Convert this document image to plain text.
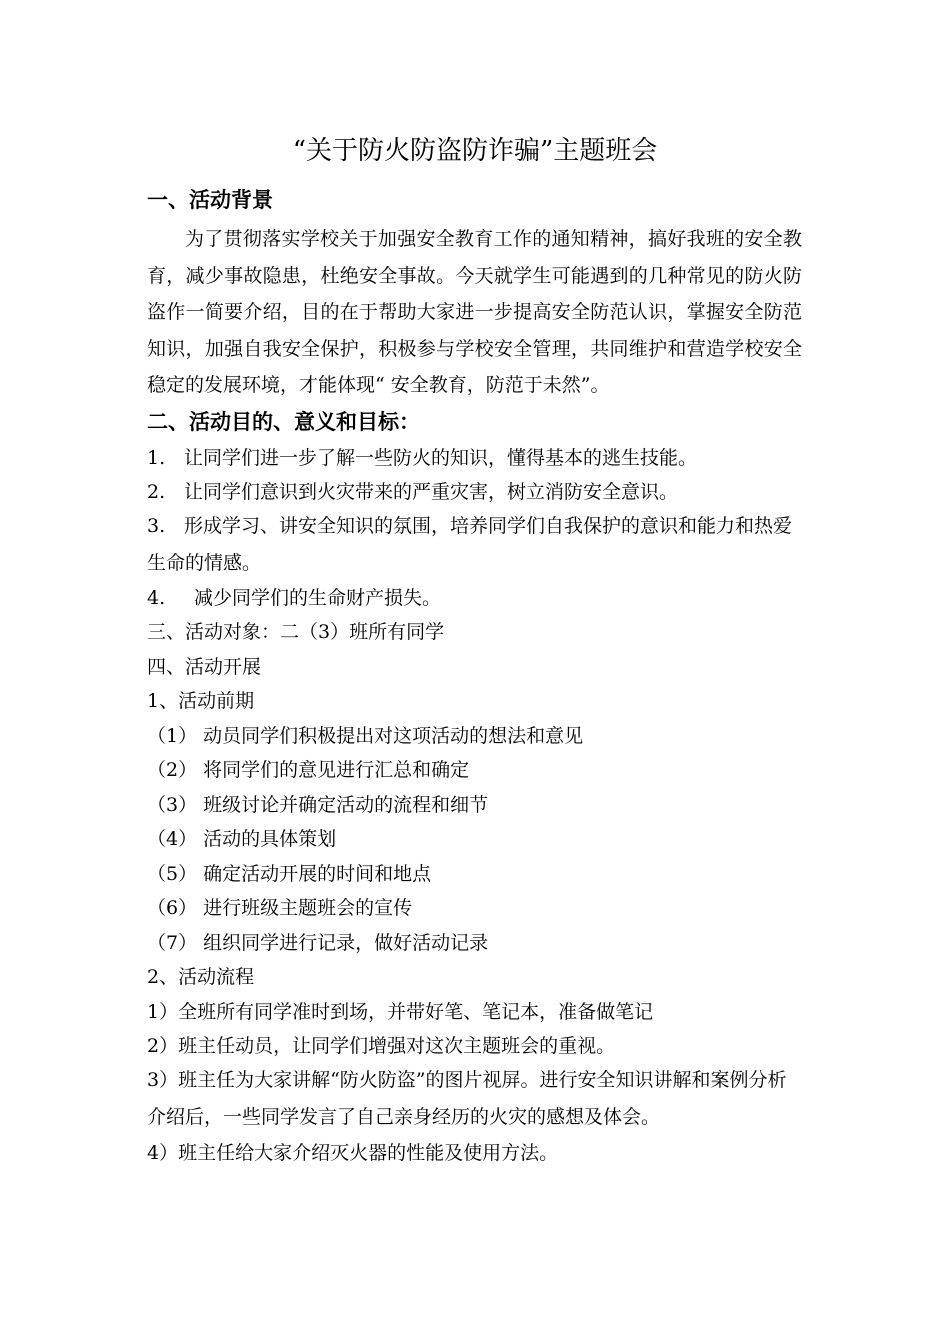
“关于防火防盗防诈骗”主题班会
一、活动背景

为了贯彻落实学校关于加强安全教育工作的通知精神，搞好我班的安全教育，减少事故隐患，杜绝安全事故。今天就学生可能遇到的几种常见的防火防盗作一简要介绍，目的在于帮助大家进一步提高安全防范认识，掌握安全防范知识，加强自我安全保护，积极参与学校安全管理，共同维护和营造学校安全稳定的发展环境，才能体现“ 安全教育，防范于未然”。

二、活动目的、意义和目标：
1. 让同学们进一步了解一些防火的知识，懂得基本的逃生技能。
2. 让同学们意识到火灾带来的严重灾害，树立消防安全意识。
3. 形成学习、讲安全知识的氛围，培养同学们自我保护的意识和能力和热爱生命的情感。
4. 减少同学们的生命财产损失。
三、活动对象：二（3）班所有同学
四、活动开展
1、活动前期
（1） 动员同学们积极提出对这项活动的想法和意见
（2） 将同学们的意见进行汇总和确定
（3） 班级讨论并确定活动的流程和细节
（4） 活动的具体策划
（5） 确定活动开展的时间和地点
（6） 进行班级主题班会的宣传
（7） 组织同学进行记录，做好活动记录
2、活动流程
1）全班所有同学准时到场，并带好笔、笔记本，准备做笔记
2）班主任动员，让同学们增强对这次主题班会的重视。
3）班主任为大家讲解“防火防盗”的图片视屏。进行安全知识讲解和案例分析介绍后，一些同学发言了自己亲身经历的火灾的感想及体会。
4）班主任给大家介绍灭火器的性能及使用方法。
